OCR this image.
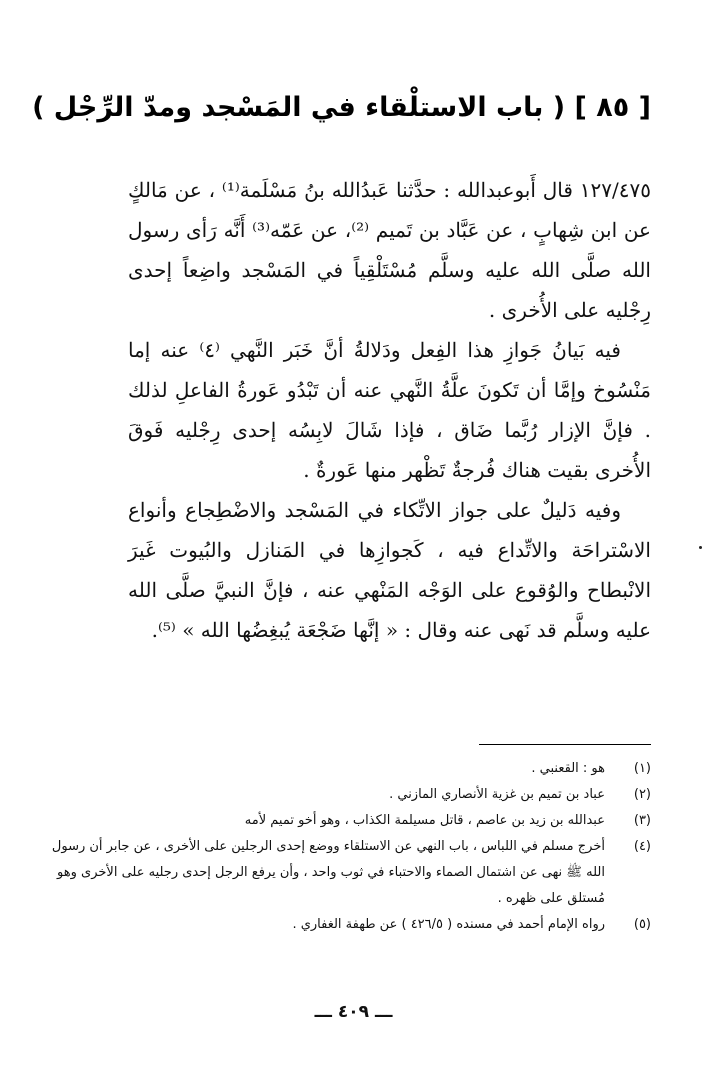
[ ٨٥ ] ( باب الاستلْقاء في المَسْجد ومدّ الرِّجْل )

١٢٧/٤٧٥ قال أَبوعبدالله : حدَّثنا عَبدُالله بنُ مَسْلَمة⁽¹⁾ ، عن مَالكٍ عن ابن شِهابٍ ، عن عَبَّاد بن تَميم ⁽²⁾، عن عَمّه⁽³⁾ أَنَّه رَأى رسول الله صلَّى الله عليه وسلَّم مُسْتَلْقِياً في المَسْجد واضِعاً إحدى رِجْليه على الأُخرى .

فيه بَيانُ جَوازِ هذا الفِعل ودَلالةُ أنَّ خَبَر النَّهي ⁽٤⁾ عنه إما مَنْسُوخ وإمَّا أن تَكونَ علَّةُ النَّهي عنه أن تَبْدُو عَورةُ الفاعلِ لذلك . فإنَّ الإزار رُبَّما ضَاق ، فإذا شَالَ لابِسُه إحدى رِجْليه فَوقَ الأُخرى بقيت هناك فُرجةٌ تَظْهر منها عَورةٌ .

وفيه دَليلٌ على جواز الاتِّكاء في المَسْجد والاضْطِجاع وأنواع الاسْتراحَة والاتِّداع فيه ، كَجوازِها في المَنازل والبُيوت غَيرَ الانْبطاح والوُقوع على الوَجْه المَنْهي عنه ، فإنَّ النبيَّ صلَّى الله عليه وسلَّم قد نَهى عنه وقال : « إنَّها ضَجْعَة يُبغِضُها الله » ⁽⁵⁾.

(١)
هو : القعنبي .
(٢)
عباد بن تميم بن غزية الأنصاري المازني .
(٣)
عبدالله بن زيد بن عاصم ، قاتل مسيلمة الكذاب ، وهو أخو تميم لأمه
(٤)
أخرج مسلم في اللباس ، باب النهي عن الاستلقاء ووضع إحدى الرجلين على الأخرى ، عن جابر أن رسول الله ﷺ نهى عن اشتمال الصماء والاحتباء في ثوب واحد ، وأن يرفع الرجل إحدى رجليه على الأخرى وهو مُستلق على ظهره .
(٥)
رواه الإمام أحمد في مسنده ( ٤٢٦/٥ ) عن طهفة الغفاري .
ـــ ٤٠٩ ـــ
